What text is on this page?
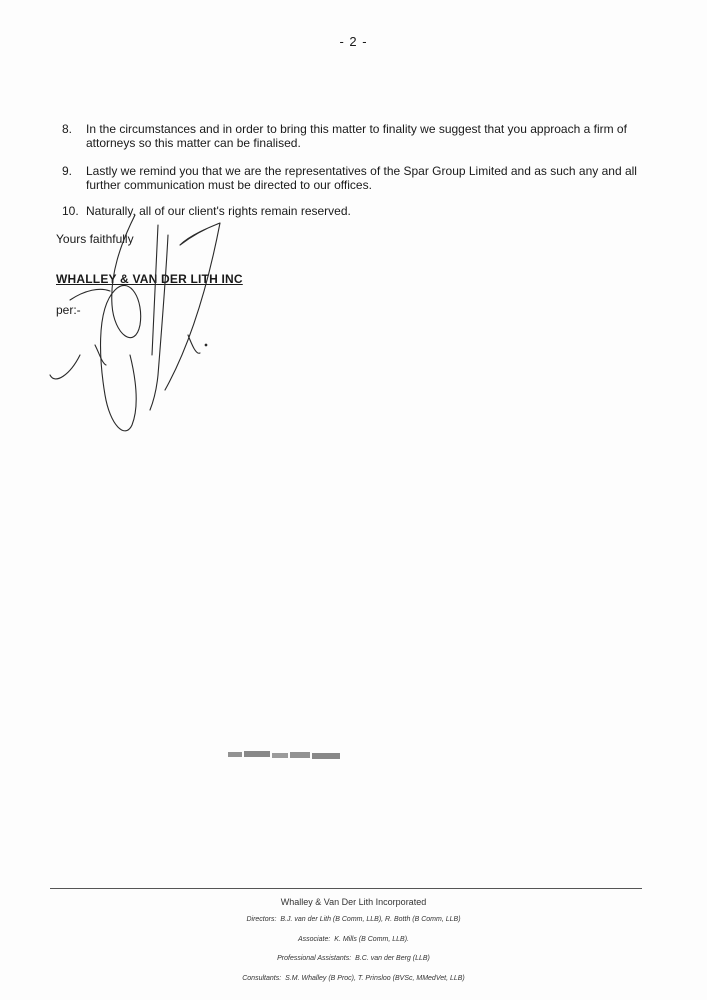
- 2 -
8.	In the circumstances and in order to bring this matter to finality we suggest that you approach a firm of attorneys so this matter can be finalised.
9.	Lastly we remind you that we are the representatives of the Spar Group Limited and as such any and all further communication must be directed to our offices.
10. Naturally, all of our client's rights remain reserved.
Yours faithfully
WHALLEY & VAN DER LITH INC
per:-
Whalley & Van Der Lith Incorporated
Directors: B.J. van der Lith (B Comm, LLB), R. Botth (B Comm, LLB)
Associate: K. Mills (B Comm, LLB).
Professional Assistants: B.C. van der Berg (LLB)
Consultants: S.M. Whalley (B Proc), T. Prinsloo (BVSc, MMedVet, LLB)
